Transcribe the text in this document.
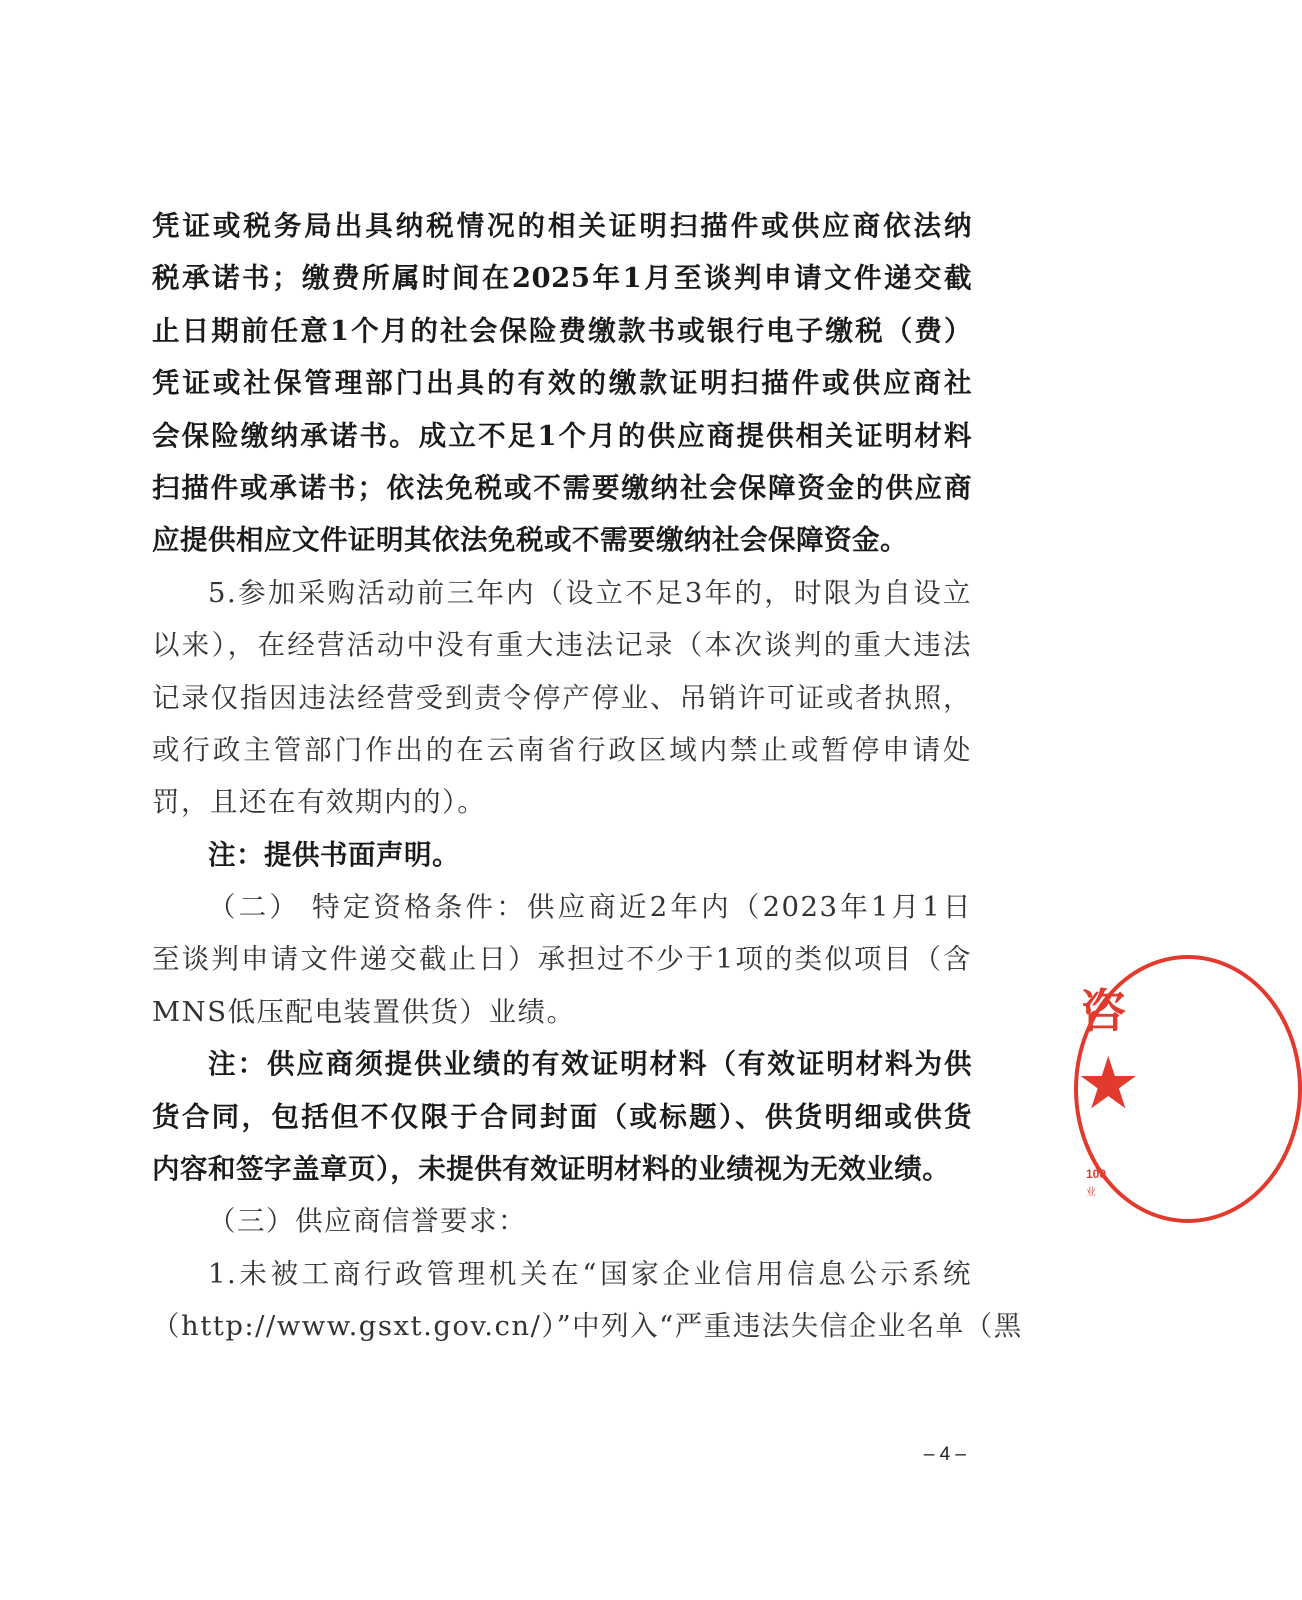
凭证或税务局出具纳税情况的相关证明扫描件或供应商依法纳
税承诺书；缴费所属时间在2025年1月至谈判申请文件递交截
止日期前任意1个月的社会保险费缴款书或银行电子缴税（费）
凭证或社保管理部门出具的有效的缴款证明扫描件或供应商社
会保险缴纳承诺书。成立不足1个月的供应商提供相关证明材料
扫描件或承诺书；依法免税或不需要缴纳社会保障资金的供应商
应提供相应文件证明其依法免税或不需要缴纳社会保障资金。
5.参加采购活动前三年内（设立不足3年的，时限为自设立
以来），在经营活动中没有重大违法记录（本次谈判的重大违法
记录仅指因违法经营受到责令停产停业、吊销许可证或者执照，
或行政主管部门作出的在云南省行政区域内禁止或暂停申请处
罚，且还在有效期内的）。
注：提供书面声明。
（二） 特定资格条件：供应商近2年内（2023年1月1日
至谈判申请文件递交截止日）承担过不少于1项的类似项目（含
MNS低压配电装置供货）业绩。
注：供应商须提供业绩的有效证明材料（有效证明材料为供
货合同，包括但不仅限于合同封面（或标题）、供货明细或供货
内容和签字盖章页），未提供有效证明材料的业绩视为无效业绩。
（三）供应商信誉要求：
1.未被工商行政管理机关在“国家企业信用信息公示系统
（http://www.gsxt.gov.cn/）”中列入“严重违法失信企业名单（黑
咨
★
100
业
– 4 –
